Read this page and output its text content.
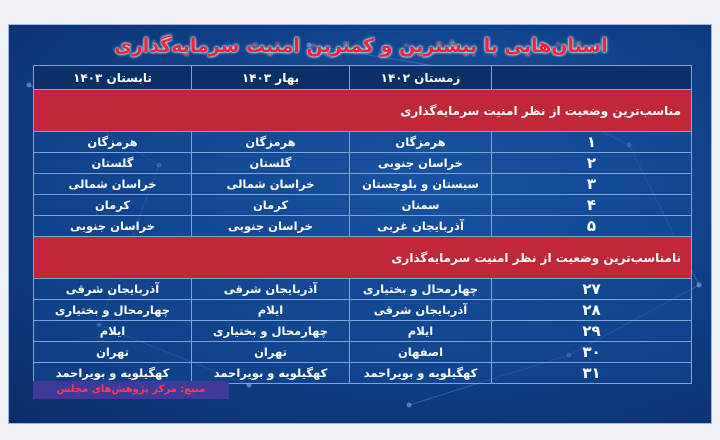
استان‌هایی با بیشترین و کمترین امنیت سرمایه‌گذاری
	زمستان ۱۴۰۲	بهار ۱۴۰۳	تابستان ۱۴۰۳
مناسب‌ترین وضعیت از نظر امنیت سرمایه‌گذاری			
۱	هرمزگان	هرمزگان	هرمزگان
۲	خراسان جنوبی	گلستان	گلستان
۳	سیستان و بلوچستان	خراسان شمالی	خراسان شمالی
۴	سمنان	کرمان	کرمان
۵	آذربایجان غربی	خراسان جنوبی	خراسان جنوبی
نامناسب‌ترین وضعیت از نظر امنیت سرمایه‌گذاری			
۲۷	چهارمحال و بختیاری	آذربایجان شرقی	آذربایجان شرقی
۲۸	آذربایجان شرقی	ایلام	چهارمحال و بختیاری
۲۹	ایلام	چهارمحال و بختیاری	ایلام
۳۰	اصفهان	تهران	تهران
۳۱	کهگیلویه و بویراحمد	کهگیلویه و بویراحمد	کهگیلویه و بویراحمد
منبع: مرکز پژوهش‌های مجلس
